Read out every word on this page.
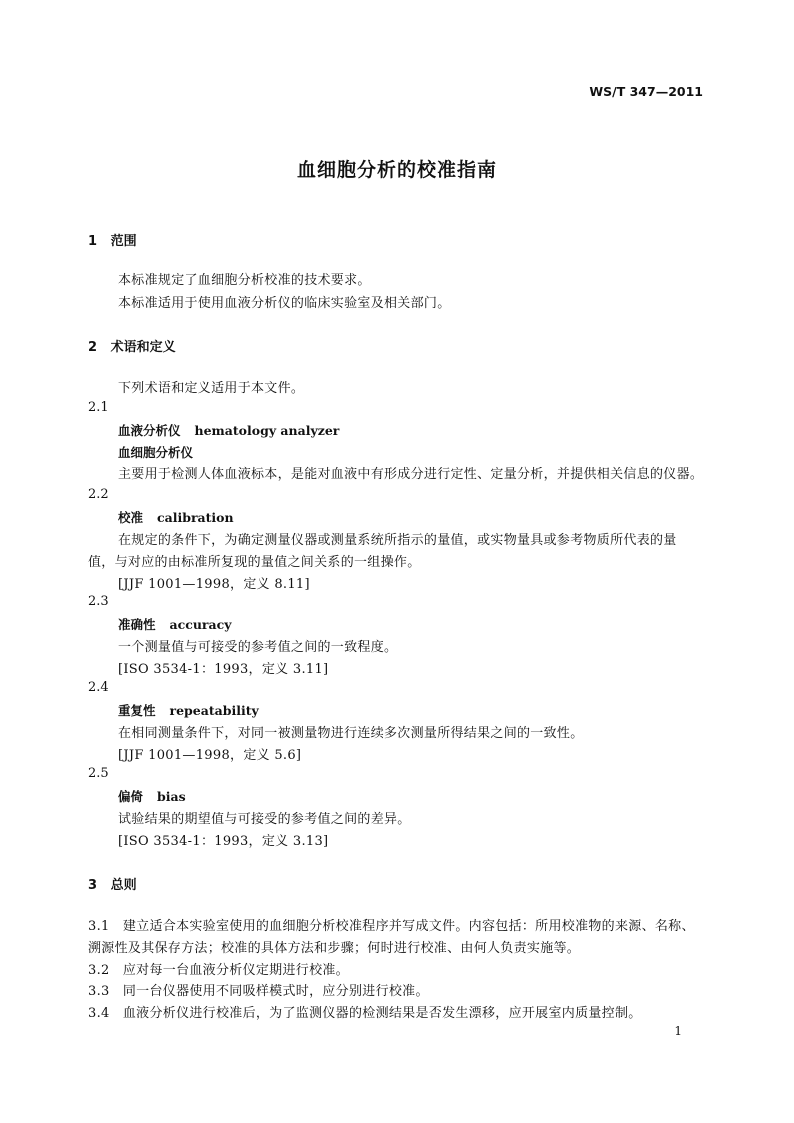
WS/T 347—2011
血细胞分析的校准指南
1 范围
本标准规定了血细胞分析校准的技术要求。
本标准适用于使用血液分析仪的临床实验室及相关部门。
2 术语和定义
下列术语和定义适用于本文件。
2.1
血液分析仪 hematology analyzer
血细胞分析仪
主要用于检测人体血液标本，是能对血液中有形成分进行定性、定量分析，并提供相关信息的仪器。
2.2
校准 calibration
在规定的条件下，为确定测量仪器或测量系统所指示的量值，或实物量具或参考物质所代表的量
值，与对应的由标准所复现的量值之间关系的一组操作。
[JJF 1001—1998，定义 8.11]
2.3
准确性 accuracy
一个测量值与可接受的参考值之间的一致程度。
[ISO 3534-1：1993，定义 3.11]
2.4
重复性 repeatability
在相同测量条件下，对同一被测量物进行连续多次测量所得结果之间的一致性。
[JJF 1001—1998，定义 5.6]
2.5
偏倚 bias
试验结果的期望值与可接受的参考值之间的差异。
[ISO 3534-1：1993，定义 3.13]
3 总则
3.1　建立适合本实验室使用的血细胞分析校准程序并写成文件。内容包括：所用校准物的来源、名称、
溯源性及其保存方法；校准的具体方法和步骤；何时进行校准、由何人负责实施等。
3.2　应对每一台血液分析仪定期进行校准。
3.3　同一台仪器使用不同吸样模式时，应分别进行校准。
3.4　血液分析仪进行校准后，为了监测仪器的检测结果是否发生漂移，应开展室内质量控制。
1
